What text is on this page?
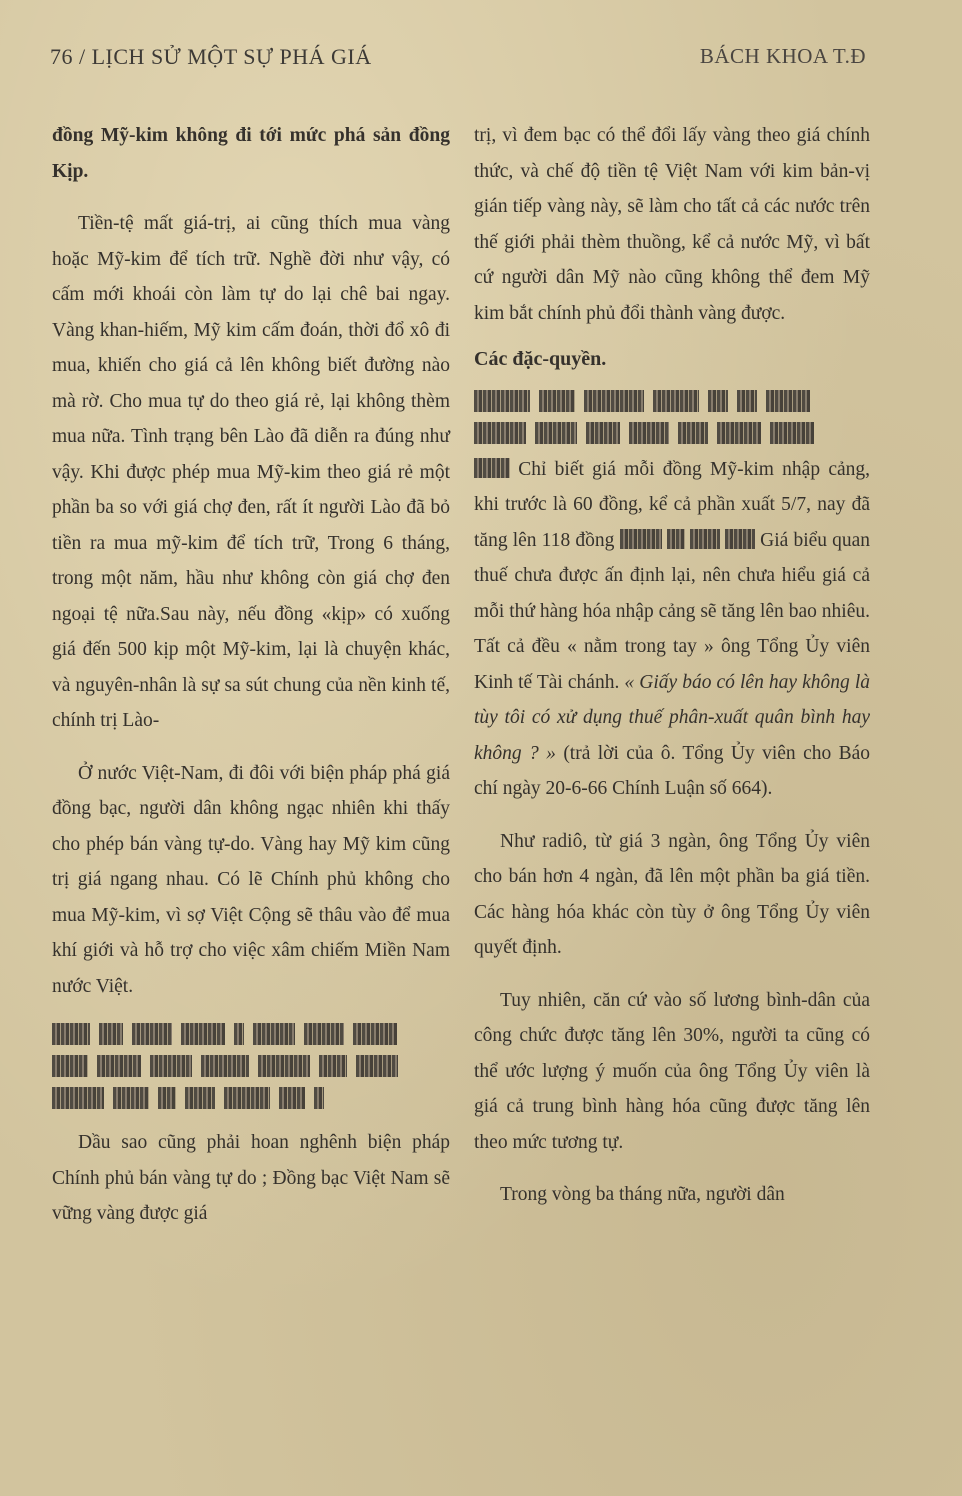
76 / LỊCH SỬ MỘT SỰ PHÁ GIÁ	BÁCH KHOA T.Đ

đồng Mỹ-kim không đi tới mức phá sản đồng Kịp.

Tiền-tệ mất giá-trị, ai cũng thích mua vàng hoặc Mỹ-kim để tích trữ. Nghề đời như vậy, có cấm mới khoái còn làm tự do lại chê bai ngay. Vàng khan-hiếm, Mỹ kim cấm đoán, thời đổ xô đi mua, khiến cho giá cả lên không biết đường nào mà rờ. Cho mua tự do theo giá rẻ, lại không thèm mua nữa. Tình trạng bên Lào đã diễn ra đúng như vậy. Khi được phép mua Mỹ-kim theo giá rẻ một phần ba so với giá chợ đen, rất ít người Lào đã bỏ tiền ra mua mỹ-kim để tích trữ, Trong 6 tháng, trong một năm, hầu như không còn giá chợ đen ngoại tệ nữa.Sau này, nếu đồng «kịp» có xuống giá đến 500 kịp một Mỹ-kim, lại là chuyện khác, và nguyên-nhân là sự sa sút chung của nền kinh tế, chính trị Lào-

Ở nước Việt-Nam, đi đôi với biện pháp phá giá đồng bạc, người dân không ngạc nhiên khi thấy cho phép bán vàng tự-do. Vàng hay Mỹ kim cũng trị giá ngang nhau. Có lẽ Chính phủ không cho mua Mỹ-kim, vì sợ Việt Cộng sẽ thâu vào để mua khí giới và hỗ trợ cho việc xâm chiếm Miền Nam nước Việt.

Dầu sao cũng phải hoan nghênh biện pháp Chính phủ bán vàng tự do ; Đồng bạc Việt Nam sẽ vững vàng được giá

trị, vì đem bạc có thể đổi lấy vàng theo giá chính thức, và chế độ tiền tệ Việt Nam với kim bản-vị gián tiếp vàng này, sẽ làm cho tất cả các nước trên thế giới phải thèm thuồng, kể cả nước Mỹ, vì bất cứ người dân Mỹ nào cũng không thể đem Mỹ kim bắt chính phủ đổi thành vàng được.

Các đặc-quyền.

Chỉ biết giá mỗi đồng Mỹ-kim nhập cảng, khi trước là 60 đồng, kể cả phần xuất 5/7, nay đã tăng lên 118 đồng	Giá biểu quan thuế chưa được ấn định lại, nên chưa hiểu giá cả mỗi thứ hàng hóa nhập cảng sẽ tăng lên bao nhiêu. Tất cả đều « nằm trong tay » ông Tổng Ủy viên Kinh tế Tài chánh. « Giấy báo có lên hay không là tùy tôi có xử dụng thuế phân-xuất quân bình hay không ? » (trả lời của ô. Tổng Ủy viên cho Báo chí ngày 20-6-66 Chính Luận số 664).

Như radiô, từ giá 3 ngàn, ông Tổng Ủy viên cho bán hơn 4 ngàn, đã lên một phần ba giá tiền. Các hàng hóa khác còn tùy ở ông Tổng Ủy viên quyết định.

Tuy nhiên, căn cứ vào số lương bình-dân của công chức được tăng lên 30%, người ta cũng có thể ước lượng ý muốn của ông Tổng Ủy viên là giá cả trung bình hàng hóa cũng được tăng lên theo mức tương tự.

Trong vòng ba tháng nữa, người dân
